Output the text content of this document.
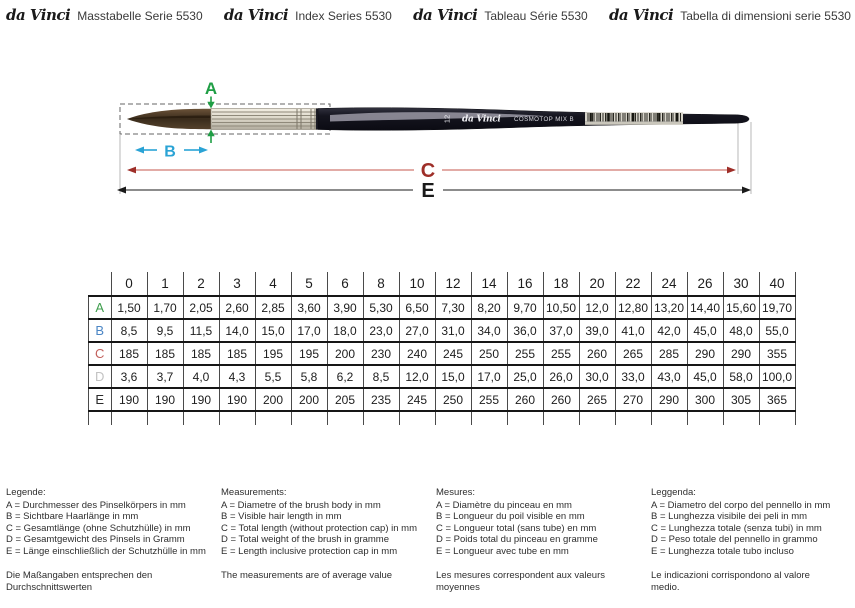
da Vinci Masstabelle Serie 5530 da Vinci Index Series 5530 da Vinci Tableau Série 5530 da Vinci Tabella di dimensioni serie 5530
12 da Vinci COSMOTOP MIX B
A
B
C
E
	0	1	2	3	4	5	6	8	10	12	14	16	18	20	22	24	26	30	40
A	1,50	1,70	2,05	2,60	2,85	3,60	3,90	5,30	6,50	7,30	8,20	9,70	10,50	12,0	12,80	13,20	14,40	15,60	19,70
B	8,5	9,5	11,5	14,0	15,0	17,0	18,0	23,0	27,0	31,0	34,0	36,0	37,0	39,0	41,0	42,0	45,0	48,0	55,0
C	185	185	185	185	195	195	200	230	240	245	250	255	255	260	265	285	290	290	355
D	3,6	3,7	4,0	4,3	5,5	5,8	6,2	8,5	12,0	15,0	17,0	25,0	26,0	30,0	33,0	43,0	45,0	58,0	100,0
E	190	190	190	190	200	200	205	235	245	250	255	260	260	265	270	290	300	305	365

Legende:
A = Durchmesser des Pinselkörpers in mm
B = Sichtbare Haarlänge in mm
C = Gesamtlänge (ohne Schutzhülle) in mm
D = Gesamtgewicht des Pinsels in Gramm
E = Länge einschließlich der Schutzhülle in mm
Die Maßangaben entsprechen den Durchschnittswerten
Measurements:
A = Diametre of the brush body in mm
B = Visible hair length in mm
C = Total length (without protection cap) in mm
D = Total weight of the brush in gramme
E = Length inclusive protection cap in mm
The measurements are of average value
Mesures:
A = Diamètre du pinceau en mm
B = Longueur du poil visible en mm
C = Longueur total (sans tube) en mm
D = Poids total du pinceau en gramme
E = Longueur avec tube en mm
Les mesures correspondent aux valeurs moyennes
Leggenda:
A = Diametro del corpo del pennello in mm
B = Lunghezza visibile dei peli in mm
C = Lunghezza totale (senza tubi) in mm
D = Peso totale del pennello in grammo
E = Lunghezza totale tubo incluso
Le indicazioni corrispondono al valore medio.
